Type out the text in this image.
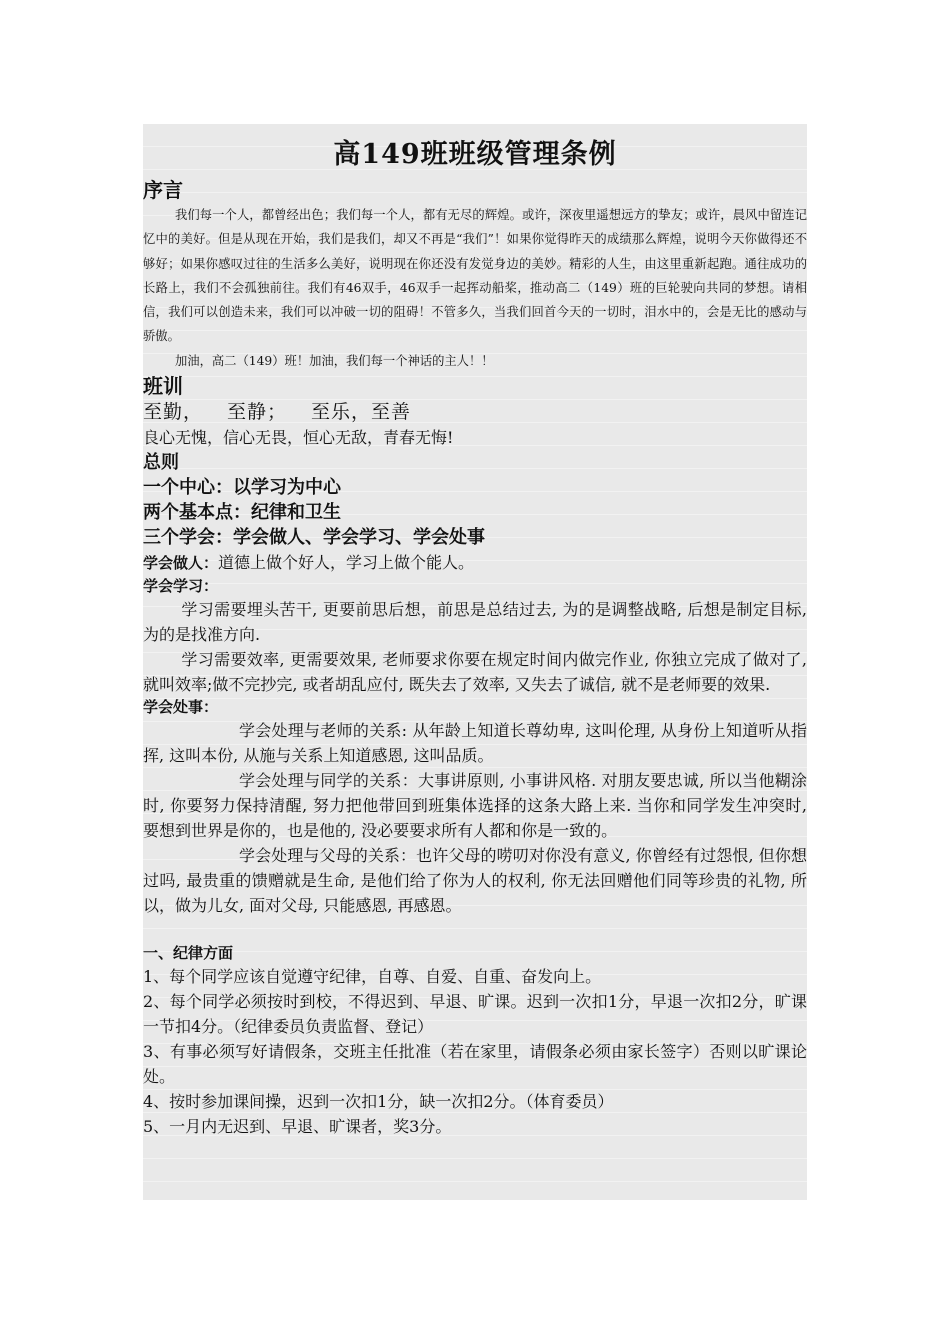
高149班班级管理条例
序言

我们每一个人，都曾经出色；我们每一个人，都有无尽的辉煌。或许，深夜里遥想远方的挚友；或许，晨风中留连记忆中的美好。但是从现在开始，我们是我们，却又不再是“我们”！如果你觉得昨天的成绩那么辉煌，说明今天你做得还不够好；如果你感叹过往的生活多么美好，说明现在你还没有发觉身边的美妙。精彩的人生，由这里重新起跑。通往成功的长路上，我们不会孤独前往。我们有46双手，46双手一起挥动船桨，推动高二（149）班的巨轮驶向共同的梦想。请相信，我们可以创造未来，我们可以冲破一切的阻碍！不管多久，当我们回首今天的一切时，泪水中的，会是无比的感动与骄傲。

加油，高二（149）班！加油，我们每一个神话的主人！！

班训

至勤， 至静； 至乐，至善

良心无愧，信心无畏，恒心无敌，青春无悔!

总则
一个中心：以学习为中心
两个基本点：纪律和卫生
三个学会：学会做人、学会学习、学会处事

学会做人：道德上做个好人，学习上做个能人。

学会学习：

学习需要埋头苦干, 更要前思后想，前思是总结过去, 为的是调整战略, 后想是制定目标, 为的是找准方向.

学习需要效率, 更需要效果, 老师要求你要在规定时间内做完作业, 你独立完成了做对了, 就叫效率;做不完抄完, 或者胡乱应付, 既失去了效率, 又失去了诚信, 就不是老师要的效果.

学会处事：

学会处理与老师的关系: 从年龄上知道长尊幼卑, 这叫伦理, 从身份上知道听从指挥, 这叫本份, 从施与关系上知道感恩, 这叫品质。

学会处理与同学的关系：大事讲原则, 小事讲风格. 对朋友要忠诚, 所以当他糊涂时, 你要努力保持清醒, 努力把他带回到班集体选择的这条大路上来. 当你和同学发生冲突时, 要想到世界是你的，也是他的, 没必要要求所有人都和你是一致的。

学会处理与父母的关系：也许父母的唠叨对你没有意义, 你曾经有过怨恨, 但你想过吗, 最贵重的馈赠就是生命, 是他们给了你为人的权利, 你无法回赠他们同等珍贵的礼物, 所以，做为儿女, 面对父母, 只能感恩, 再感恩。

一、纪律方面

1、每个同学应该自觉遵守纪律，自尊、自爱、自重、奋发向上。

2、每个同学必须按时到校，不得迟到、早退、旷课。迟到一次扣1分，早退一次扣2分，旷课一节扣4分。（纪律委员负责监督、登记）

3、有事必须写好请假条，交班主任批准（若在家里，请假条必须由家长签字）否则以旷课论处。

4、按时参加课间操，迟到一次扣1分，缺一次扣2分。（体育委员）

5、一月内无迟到、早退、旷课者，奖3分。
